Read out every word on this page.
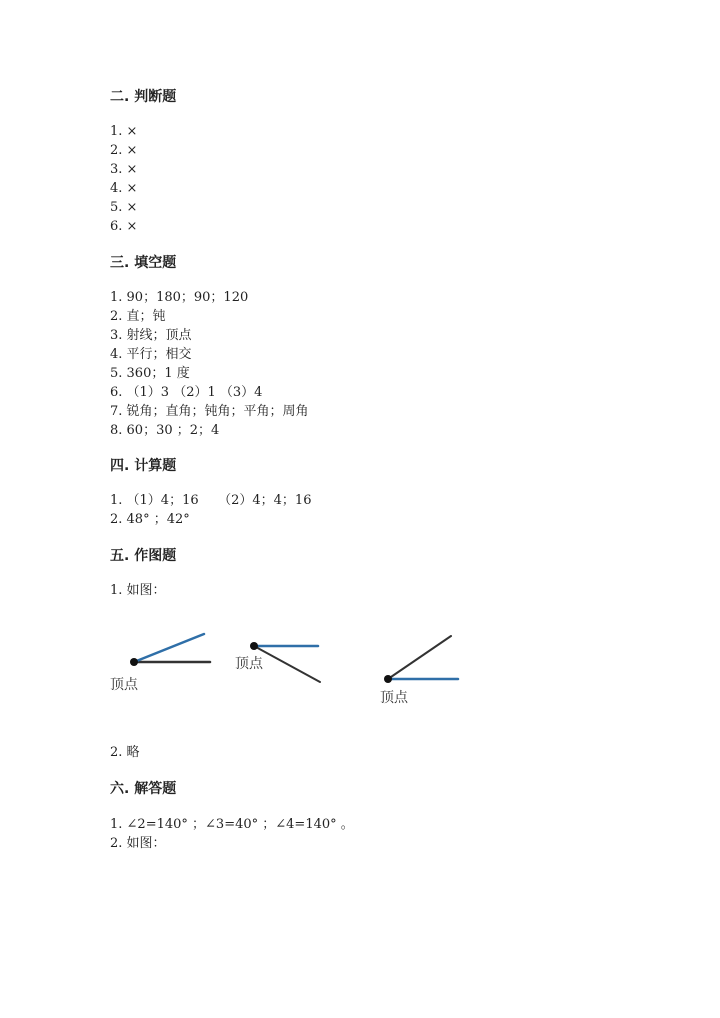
二. 判断题
1. ×
2. ×
3. ×
4. ×
5. ×
6. ×
三. 填空题
1. 90；180；90；120
2. 直；钝
3. 射线；顶点
4. 平行；相交
5. 360；1 度
6. （1）3 （2）1 （3）4
7. 锐角；直角；钝角；平角；周角
8. 60；30 ；2；4
四. 计算题
1. （1）4；16　　（2）4；4；16
2. 48° ；42°
五. 作图题
1. 如图：
顶点
顶点
顶点
2. 略
六. 解答题
1. ∠2=140° ；∠3=40° ；∠4=140° 。
2. 如图：
